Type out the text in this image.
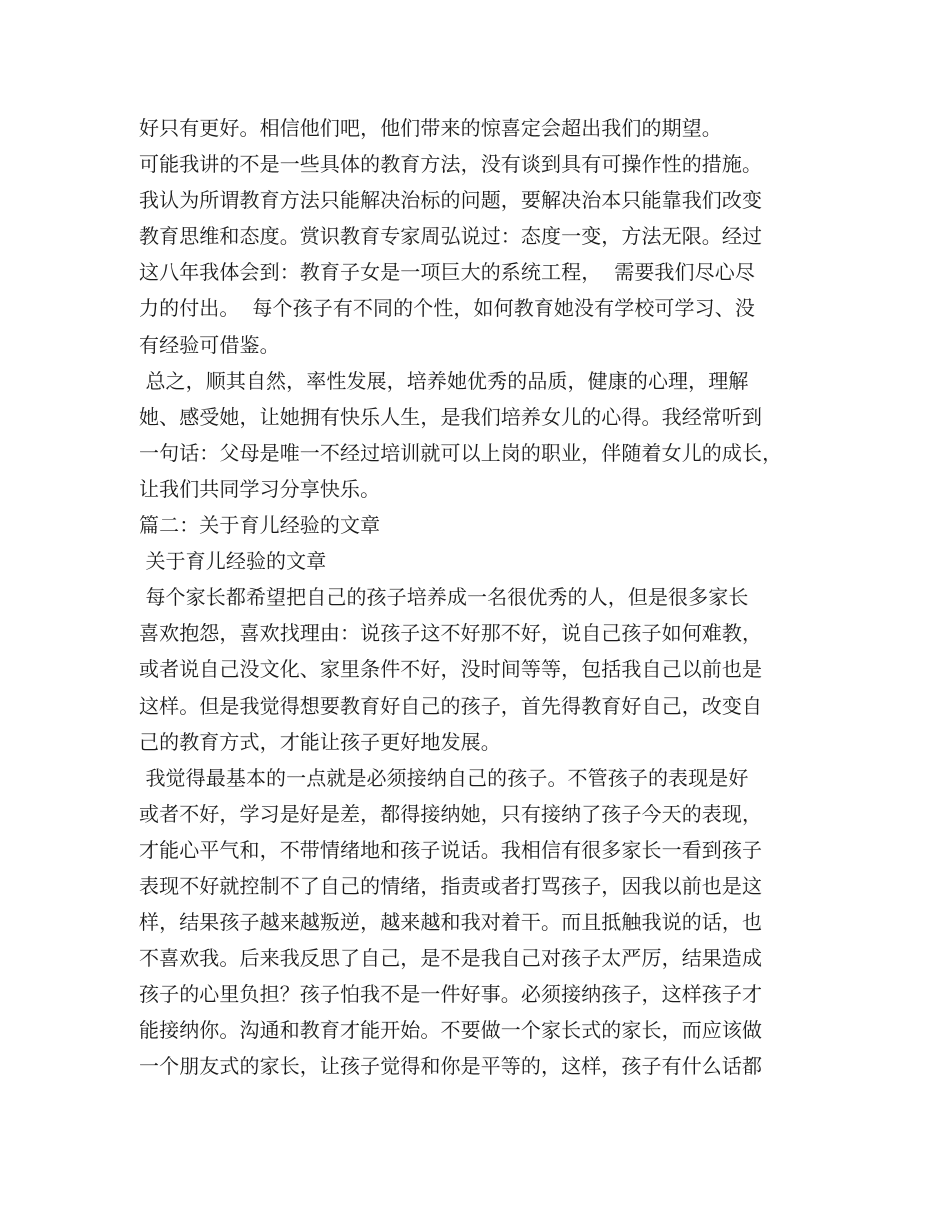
好只有更好。相信他们吧，他们带来的惊喜定会超出我们的期望。
可能我讲的不是一些具体的教育方法，没有谈到具有可操作性的措施。
我认为所谓教育方法只能解决治标的问题，要解决治本只能靠我们改变
教育思维和态度。赏识教育专家周弘说过：态度一变，方法无限。经过
这八年我体会到：教育子女是一项巨大的系统工程，  需要我们尽心尽
力的付出。  每个孩子有不同的个性，如何教育她没有学校可学习、没
有经验可借鉴。
总之，顺其自然，率性发展，培养她优秀的品质，健康的心理，理解
她、感受她，让她拥有快乐人生，是我们培养女儿的心得。我经常听到
一句话：父母是唯一不经过培训就可以上岗的职业，伴随着女儿的成长，
让我们共同学习分享快乐。
篇二：关于育儿经验的文章
关于育儿经验的文章
每个家长都希望把自己的孩子培养成一名很优秀的人，但是很多家长
喜欢抱怨，喜欢找理由：说孩子这不好那不好，说自己孩子如何难教，
或者说自己没文化、家里条件不好，没时间等等，包括我自己以前也是
这样。但是我觉得想要教育好自己的孩子，首先得教育好自己，改变自
己的教育方式，才能让孩子更好地发展。
我觉得最基本的一点就是必须接纳自己的孩子。不管孩子的表现是好
或者不好，学习是好是差，都得接纳她，只有接纳了孩子今天的表现，
才能心平气和，不带情绪地和孩子说话。我相信有很多家长一看到孩子
表现不好就控制不了自己的情绪，指责或者打骂孩子，因我以前也是这
样，结果孩子越来越叛逆，越来越和我对着干。而且抵触我说的话，也
不喜欢我。后来我反思了自己，是不是我自己对孩子太严厉，结果造成
孩子的心里负担？孩子怕我不是一件好事。必须接纳孩子，这样孩子才
能接纳你。沟通和教育才能开始。不要做一个家长式的家长，而应该做
一个朋友式的家长，让孩子觉得和你是平等的，这样，孩子有什么话都
